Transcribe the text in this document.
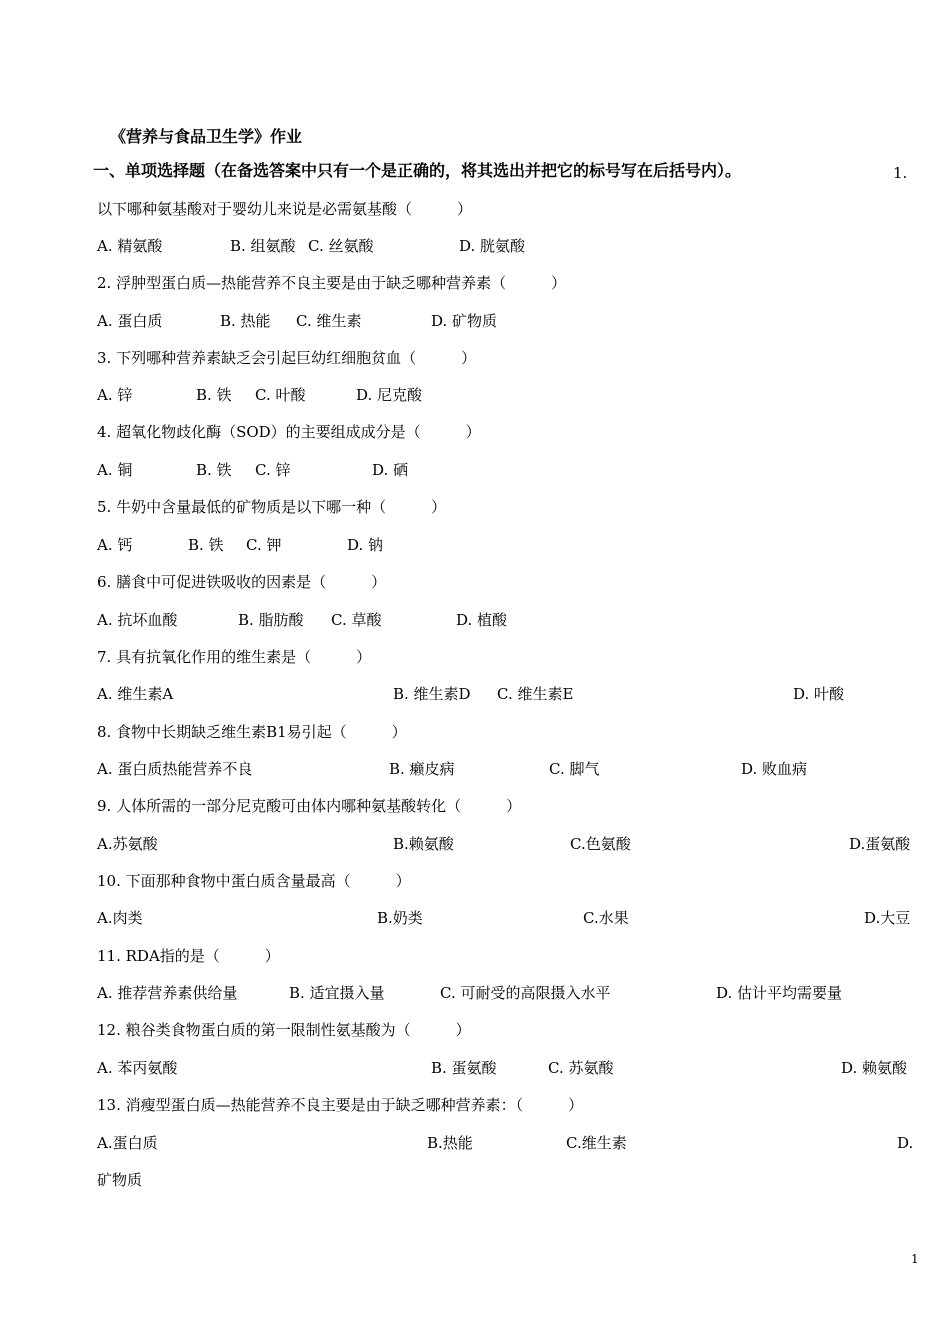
《营养与食品卫生学》作业
一、单项选择题（在备选答案中只有一个是正确的，将其选出并把它的标号写在后括号内）。	1.
以下哪种氨基酸对于婴幼儿来说是必需氨基酸（　　　）
A. 精氨酸	B. 组氨酸 C. 丝氨酸	D. 胱氨酸
2. 浮肿型蛋白质—热能营养不良主要是由于缺乏哪种营养素（　　　）
A. 蛋白质	B. 热能 C. 维生素	D. 矿物质
3. 下列哪种营养素缺乏会引起巨幼红细胞贫血（　　　）
A. 锌	B. 铁 C. 叶酸	D. 尼克酸
4. 超氧化物歧化酶（SOD）的主要组成成分是（　　　）
A. 铜	B. 铁 C. 锌	D. 硒
5. 牛奶中含量最低的矿物质是以下哪一种（　　　）
A. 钙	B. 铁 C. 钾	D. 钠
6. 膳食中可促进铁吸收的因素是（　　　）
A. 抗坏血酸	B. 脂肪酸 C. 草酸	D. 植酸
7. 具有抗氧化作用的维生素是（　　　）
A. 维生素A	B. 维生素D C. 维生素E	D. 叶酸
8. 食物中长期缺乏维生素B1易引起（　　　）
A. 蛋白质热能营养不良	B. 癞皮病	C. 脚气	D. 败血病
9. 人体所需的一部分尼克酸可由体内哪种氨基酸转化（　　　）
A.苏氨酸	B.赖氨酸	C.色氨酸	D.蛋氨酸
10. 下面那种食物中蛋白质含量最高（　　　）
A.肉类	B.奶类	C.水果	D.大豆
11. RDA指的是（　　　）
A. 推荐营养素供给量	B. 适宜摄入量	C. 可耐受的高限摄入水平	D. 估计平均需要量
12. 粮谷类食物蛋白质的第一限制性氨基酸为（　　　）
A. 苯丙氨酸	B. 蛋氨酸	C. 苏氨酸	D. 赖氨酸
13. 消瘦型蛋白质—热能营养不良主要是由于缺乏哪种营养素：（　　　）
A.蛋白质	B.热能	C.维生素	D.
矿物质
1
